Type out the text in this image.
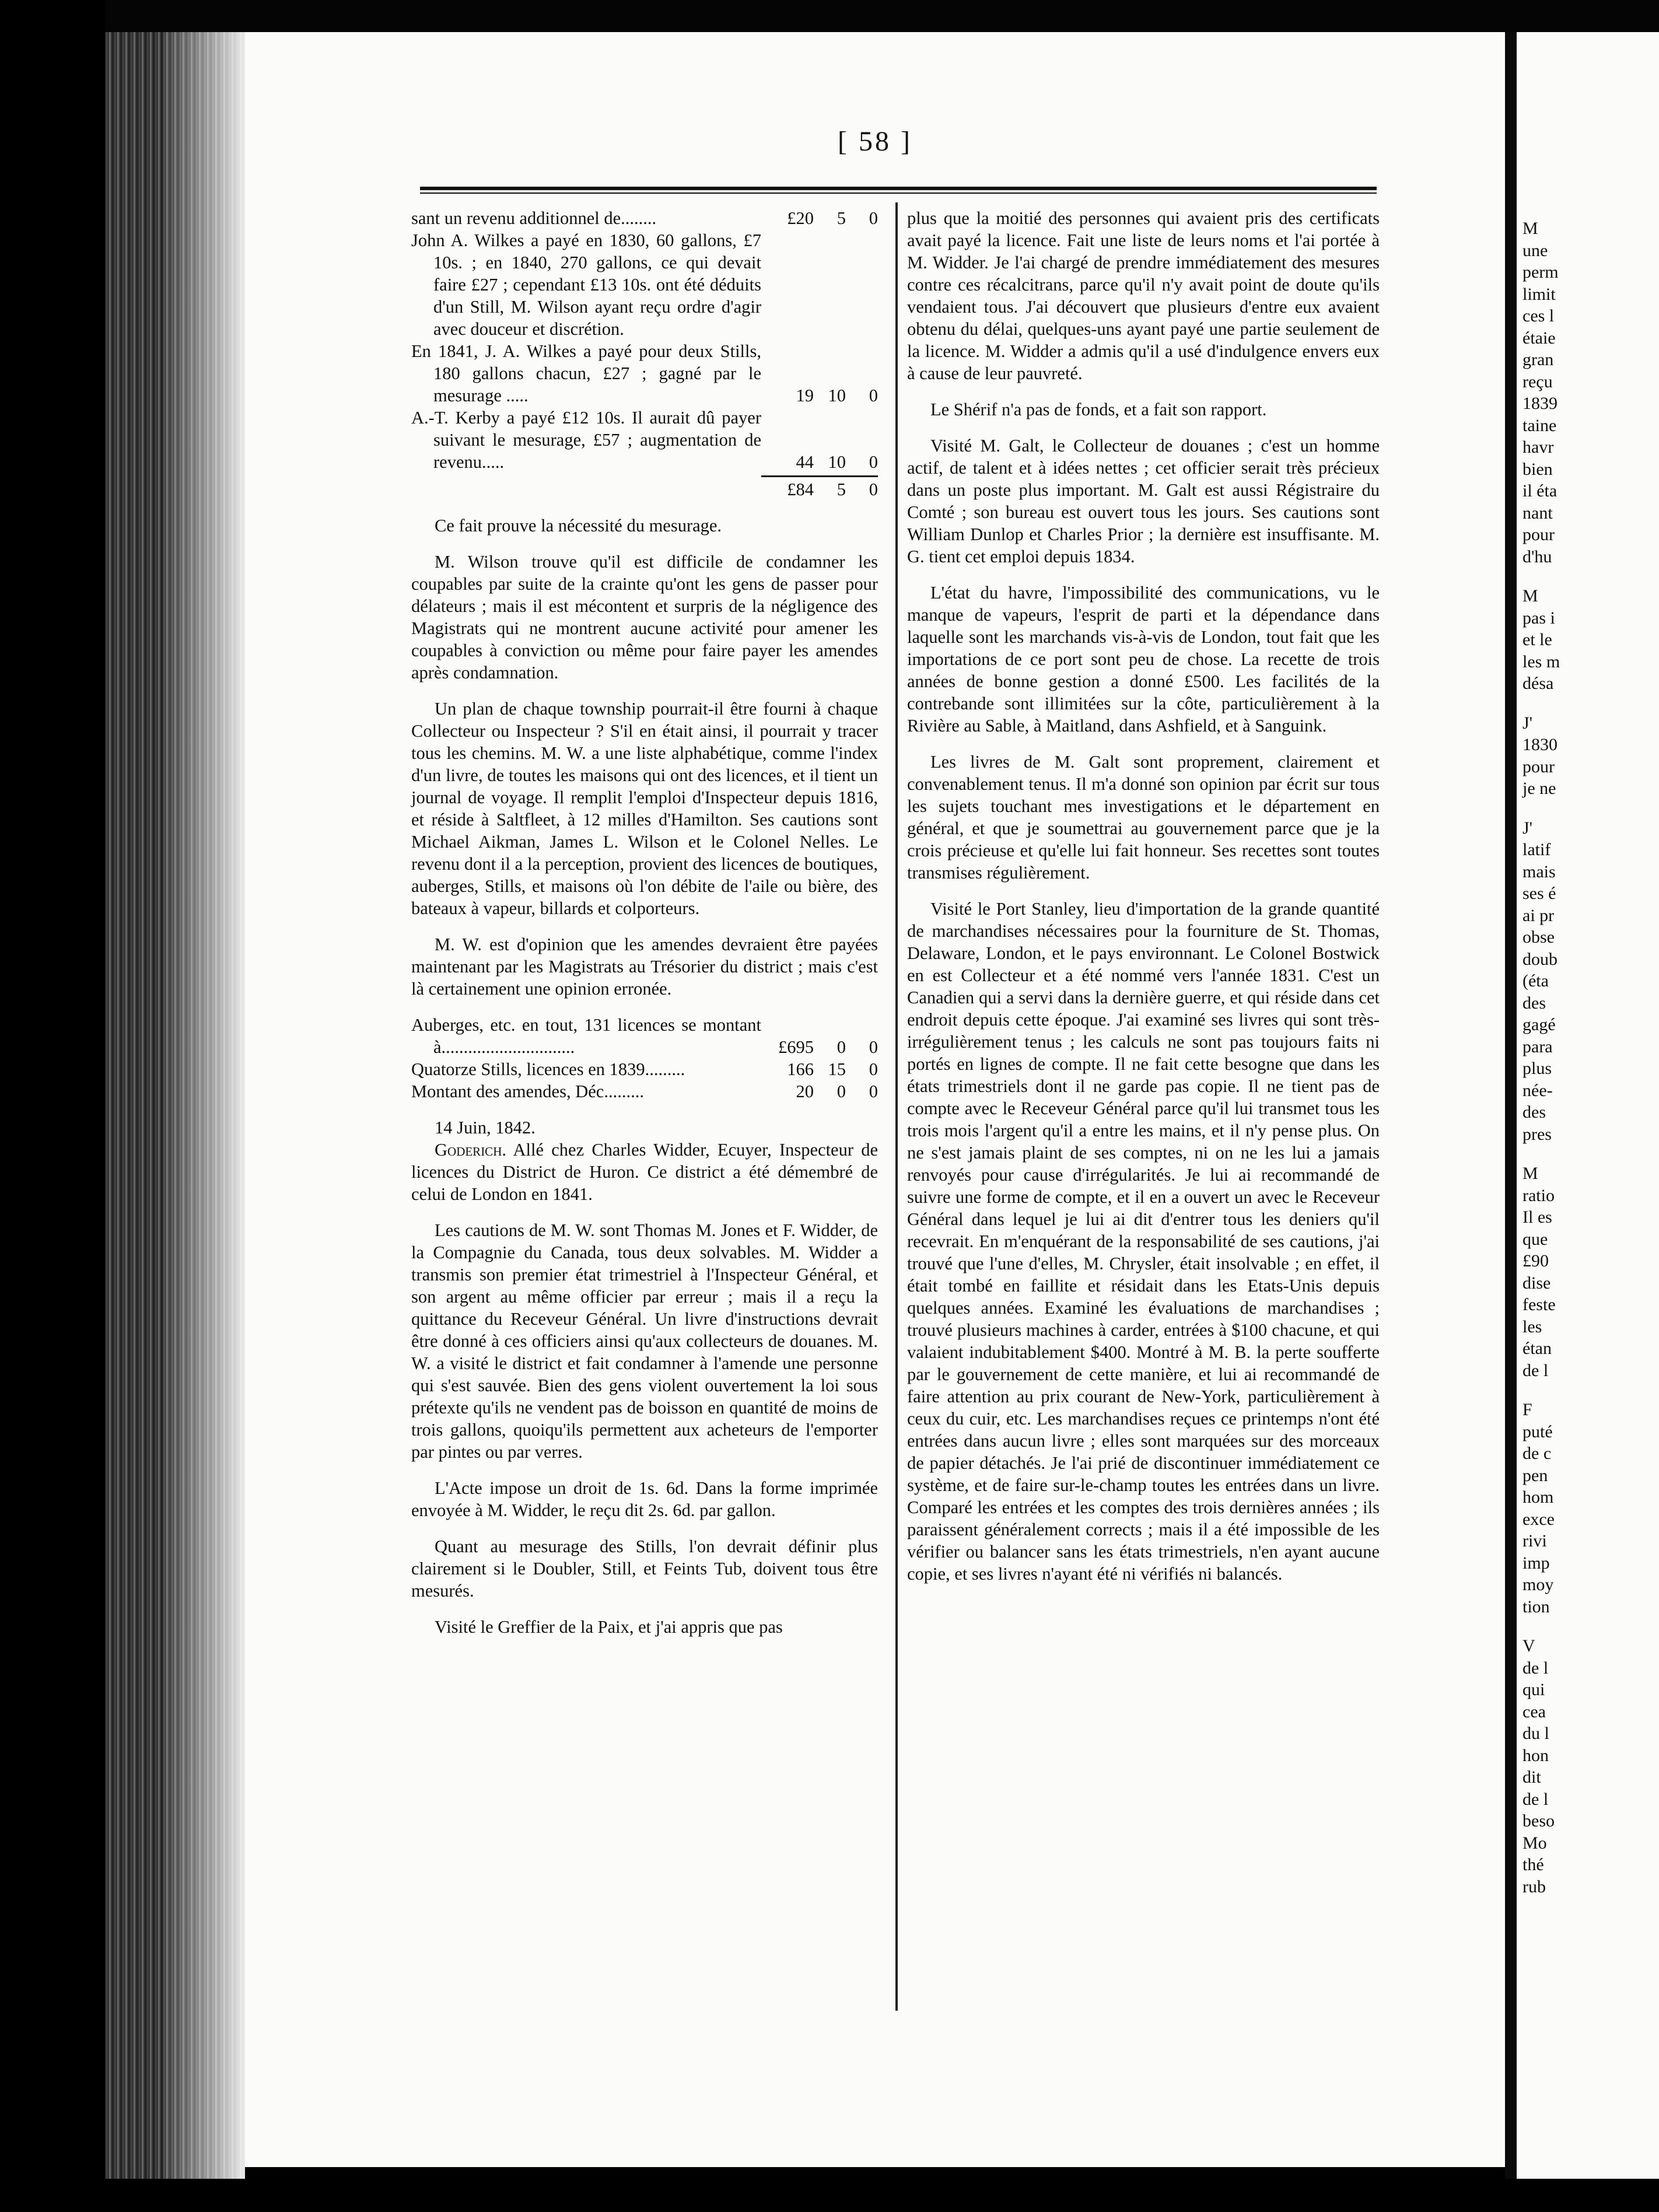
[ 58 ]
sant un revenu additionnel de........	£20	5	0
John A. Wilkes a payé en 1830, 60 gallons, £7 10s. ; en 1840, 270 gallons, ce qui devait faire £27 ; cependant £13 10s. ont été déduits d'un Still, M. Wilson ayant reçu ordre d'agir avec douceur et discrétion.
En 1841, J. A. Wilkes a payé pour deux Stills, 180 gallons chacun, £27 ; gagné par le mesurage .....	19 10	0
A.-T. Kerby a payé £12 10s. Il aurait dû payer suivant le mesurage, £57 ; augmentation de revenu.....	44 10	0
£84	5	0

Ce fait prouve la nécessité du mesurage.

M. Wilson trouve qu'il est difficile de condamner les coupables par suite de la crainte qu'ont les gens de passer pour délateurs ; mais il est mécontent et surpris de la négligence des Magistrats qui ne montrent aucune activité pour amener les coupables à conviction ou même pour faire payer les amendes après condamnation.

Un plan de chaque township pourrait-il être fourni à chaque Collecteur ou Inspecteur ? S'il en était ainsi, il pourrait y tracer tous les chemins. M. W. a une liste alphabétique, comme l'index d'un livre, de toutes les maisons qui ont des licences, et il tient un journal de voyage. Il remplit l'emploi d'Inspecteur depuis 1816, et réside à Saltfleet, à 12 milles d'Hamilton. Ses cautions sont Michael Aikman, James L. Wilson et le Colonel Nelles. Le revenu dont il a la perception, provient des licences de boutiques, auberges, Stills, et maisons où l'on débite de l'aile ou bière, des bateaux à vapeur, billards et colporteurs.

M. W. est d'opinion que les amendes devraient être payées maintenant par les Magistrats au Trésorier du district ; mais c'est là certainement une opinion erronée.

Auberges, etc. en tout, 131 licences se montant à..............................	£695	0	0
Quatorze Stills, licences en 1839.........	166 15	0
Montant des amendes, Déc.........	20	0	0

14 Juin, 1842.

Goderich. Allé chez Charles Widder, Ecuyer, Inspecteur de licences du District de Huron. Ce district a été démembré de celui de London en 1841.

Les cautions de M. W. sont Thomas M. Jones et F. Widder, de la Compagnie du Canada, tous deux solvables. M. Widder a transmis son premier état trimestriel à l'Inspecteur Général, et son argent au même officier par erreur ; mais il a reçu la quittance du Receveur Général. Un livre d'instructions devrait être donné à ces officiers ainsi qu'aux collecteurs de douanes. M. W. a visité le district et fait condamner à l'amende une personne qui s'est sauvée. Bien des gens violent ouvertement la loi sous prétexte qu'ils ne vendent pas de boisson en quantité de moins de trois gallons, quoiqu'ils permettent aux acheteurs de l'emporter par pintes ou par verres.

L'Acte impose un droit de 1s. 6d. Dans la forme imprimée envoyée à M. Widder, le reçu dit 2s. 6d. par gallon.

Quant au mesurage des Stills, l'on devrait définir plus clairement si le Doubler, Still, et Feints Tub, doivent tous être mesurés.

Visité le Greffier de la Paix, et j'ai appris que pas

plus que la moitié des personnes qui avaient pris des certificats avait payé la licence. Fait une liste de leurs noms et l'ai portée à M. Widder. Je l'ai chargé de prendre immédiatement des mesures contre ces récalcitrans, parce qu'il n'y avait point de doute qu'ils vendaient tous. J'ai découvert que plusieurs d'entre eux avaient obtenu du délai, quelques-uns ayant payé une partie seulement de la licence. M. Widder a admis qu'il a usé d'indulgence envers eux à cause de leur pauvreté.

Le Shérif n'a pas de fonds, et a fait son rapport.

Visité M. Galt, le Collecteur de douanes ; c'est un homme actif, de talent et à idées nettes ; cet officier serait très précieux dans un poste plus important. M. Galt est aussi Régistraire du Comté ; son bureau est ouvert tous les jours. Ses cautions sont William Dunlop et Charles Prior ; la dernière est insuffisante. M. G. tient cet emploi depuis 1834.

L'état du havre, l'impossibilité des communications, vu le manque de vapeurs, l'esprit de parti et la dépendance dans laquelle sont les marchands vis-à-vis de London, tout fait que les importations de ce port sont peu de chose. La recette de trois années de bonne gestion a donné £500. Les facilités de la contrebande sont illimitées sur la côte, particulièrement à la Rivière au Sable, à Maitland, dans Ashfield, et à Sanguink.

Les livres de M. Galt sont proprement, clairement et convenablement tenus. Il m'a donné son opinion par écrit sur tous les sujets touchant mes investigations et le département en général, et que je soumettrai au gouvernement parce que je la crois précieuse et qu'elle lui fait honneur. Ses recettes sont toutes transmises régulièrement.

Visité le Port Stanley, lieu d'importation de la grande quantité de marchandises nécessaires pour la fourniture de St. Thomas, Delaware, London, et le pays environnant. Le Colonel Bostwick en est Collecteur et a été nommé vers l'année 1831. C'est un Canadien qui a servi dans la dernière guerre, et qui réside dans cet endroit depuis cette époque. J'ai examiné ses livres qui sont très-irrégulièrement tenus ; les calculs ne sont pas toujours faits ni portés en lignes de compte. Il ne fait cette besogne que dans les états trimestriels dont il ne garde pas copie. Il ne tient pas de compte avec le Receveur Général parce qu'il lui transmet tous les trois mois l'argent qu'il a entre les mains, et il n'y pense plus. On ne s'est jamais plaint de ses comptes, ni on ne les lui a jamais renvoyés pour cause d'irrégularités. Je lui ai recommandé de suivre une forme de compte, et il en a ouvert un avec le Receveur Général dans lequel je lui ai dit d'entrer tous les deniers qu'il recevrait. En m'enquérant de la responsabilité de ses cautions, j'ai trouvé que l'une d'elles, M. Chrysler, était insolvable ; en effet, il était tombé en faillite et résidait dans les Etats-Unis depuis quelques années. Examiné les évaluations de marchandises ; trouvé plusieurs machines à carder, entrées à $100 chacune, et qui valaient indubitablement $400. Montré à M. B. la perte soufferte par le gouvernement de cette manière, et lui ai recommandé de faire attention au prix courant de New-York, particulièrement à ceux du cuir, etc. Les marchandises reçues ce printemps n'ont été entrées dans aucun livre ; elles sont marquées sur des morceaux de papier détachés. Je l'ai prié de discontinuer immédiatement ce système, et de faire sur-le-champ toutes les entrées dans un livre. Comparé les entrées et les comptes des trois dernières années ; ils paraissent généralement corrects ; mais il a été impossible de les vérifier ou balancer sans les états trimestriels, n'en ayant aucune copie, et ses livres n'ayant été ni vérifiés ni balancés.

M
une
perm
limit
ces l
étaie
gran
reçu
1839
taine
havr
bien
il éta
nant
pour
d'hu
M
pas i
et le
les m
désa
J'
1830
pour
je ne
J'
latif
mais
ses é
ai pr
obse
doub
(éta
des
gagé
para
plus
née-
des
pres
M
ratio
Il es
que
£90
dise
feste
les
étan
de l
F
puté
de c
pen
hom
exce
rivi
imp
moy
tion
V
de l
qui
cea
du l
hon
dit
de l
beso
Mo
thé
rub
